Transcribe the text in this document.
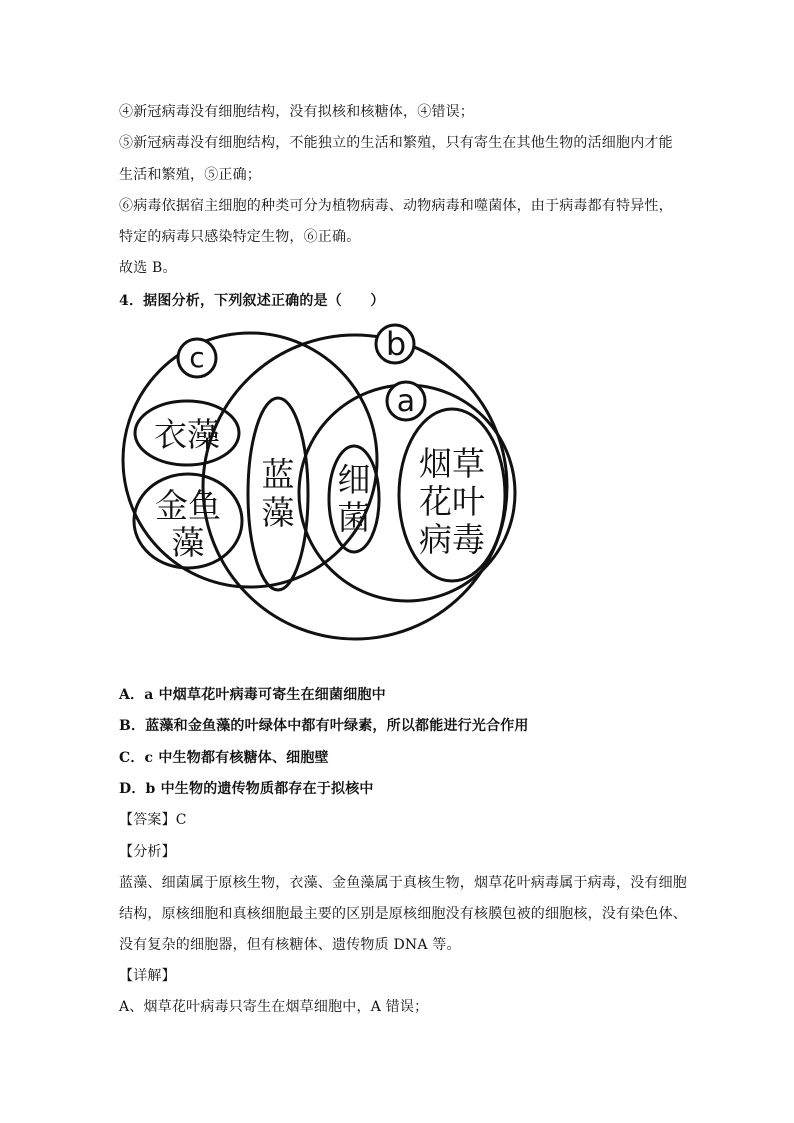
④新冠病毒没有细胞结构，没有拟核和核糖体，④错误；
⑤新冠病毒没有细胞结构，不能独立的生活和繁殖，只有寄生在其他生物的活细胞内才能
生活和繁殖，⑤正确；
⑥病毒依据宿主细胞的种类可分为植物病毒、动物病毒和噬菌体，由于病毒都有特异性，
特定的病毒只感染特定生物，⑥正确。
故选 B。
4．据图分析，下列叙述正确的是（　　）
c	b
a
衣藻
金鱼
藻
蓝
藻
细
菌
烟草
花叶
病毒
A．a 中烟草花叶病毒可寄生在细菌细胞中
B．蓝藻和金鱼藻的叶绿体中都有叶绿素，所以都能进行光合作用
C．c 中生物都有核糖体、细胞壁
D．b 中生物的遗传物质都存在于拟核中
【答案】C
【分析】
蓝藻、细菌属于原核生物，衣藻、金鱼藻属于真核生物，烟草花叶病毒属于病毒，没有细胞
结构，原核细胞和真核细胞最主要的区别是原核细胞没有核膜包被的细胞核，没有染色体、
没有复杂的细胞器，但有核糖体、遗传物质 DNA 等。
【详解】
A、烟草花叶病毒只寄生在烟草细胞中，A 错误；
